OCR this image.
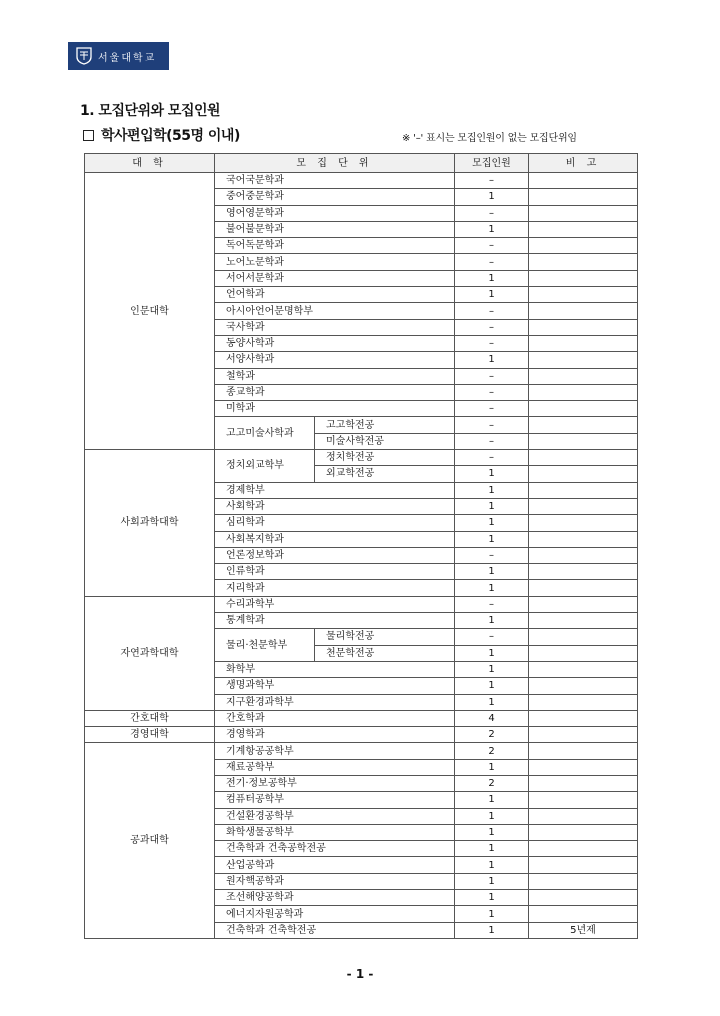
서울대학교
1. 모집단위와 모집인원
학사편입학(55명 이내)	※ '–' 표시는 모집인원이 없는 모집단위임
대 학	모 집 단 위		모집인원	비 고
인문대학	국어국문학과		–	
	중어중문학과		1	
	영어영문학과		–	
	불어불문학과		1	
	독어독문학과		–	
	노어노문학과		–	
	서어서문학과		1	
	언어학과		1	
	아시아언어문명학부		–	
	국사학과		–	
	동양사학과		–	
	서양사학과		1	
	철학과		–	
	종교학과		–	
	미학과		–	
	고고미술사학과	고고학전공	–	
		미술사학전공	–	
사회과학대학	정치외교학부	정치학전공	–	
		외교학전공	1	
	경제학부		1	
	사회학과		1	
	심리학과		1	
	사회복지학과		1	
	언론정보학과		–	
	인류학과		1	
	지리학과		1	
자연과학대학	수리과학부		–	
	통계학과		1	
	물리·천문학부	물리학전공	–	
		천문학전공	1	
	화학부		1	
	생명과학부		1	
	지구환경과학부		1	
간호대학	간호학과		4	
경영대학	경영학과		2	
공과대학	기계항공공학부		2	
	재료공학부		1	
	전기·정보공학부		2	
	컴퓨터공학부		1	
	건설환경공학부		1	
	화학생물공학부		1	
	건축학과 건축공학전공		1	
	산업공학과		1	
	원자핵공학과		1	
	조선해양공학과		1	
	에너지자원공학과		1	
	건축학과 건축학전공		1	5년제
- 1 -
